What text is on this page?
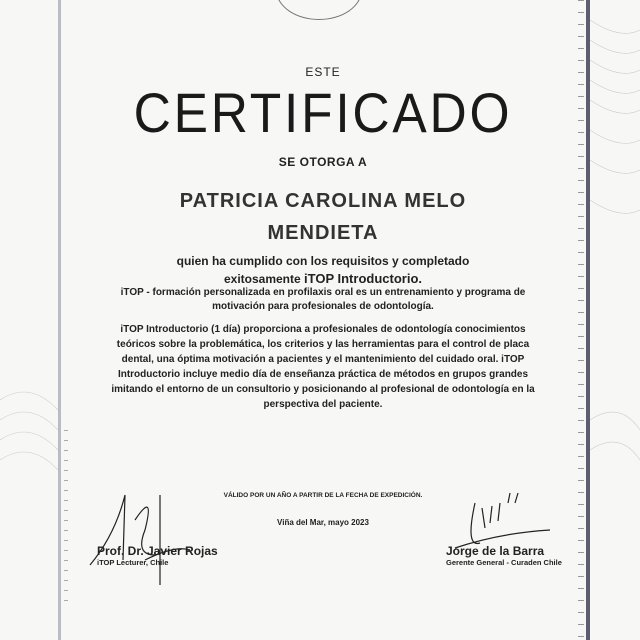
ESTE
CERTIFICADO
SE OTORGA A
PATRICIA CAROLINA MELO
MENDIETA
quien ha cumplido con los requisitos y completado
exitosamente iTOP Introductorio.
iTOP - formación personalizada en profilaxis oral es un entrenamiento y programa de motivación para profesionales de odontología.
iTOP Introductorio (1 día) proporciona a profesionales de odontología conocimientos teóricos sobre la problemática, los criterios y las herramientas para el control de placa dental, una óptima motivación a pacientes y el mantenimiento del cuidado oral. iTOP Introductorio incluye medio día de enseñanza práctica de métodos en grupos grandes imitando el entorno de un consultorio y posicionando al profesional de odontología en la perspectiva del paciente.
VÁLIDO POR UN AÑO A PARTIR DE LA FECHA DE EXPEDICIÓN.
Viña del Mar, mayo 2023
Prof. Dr. Javier Rojas
iTOP Lecturer, Chile
Jorge de la Barra
Gerente General - Curaden Chile
